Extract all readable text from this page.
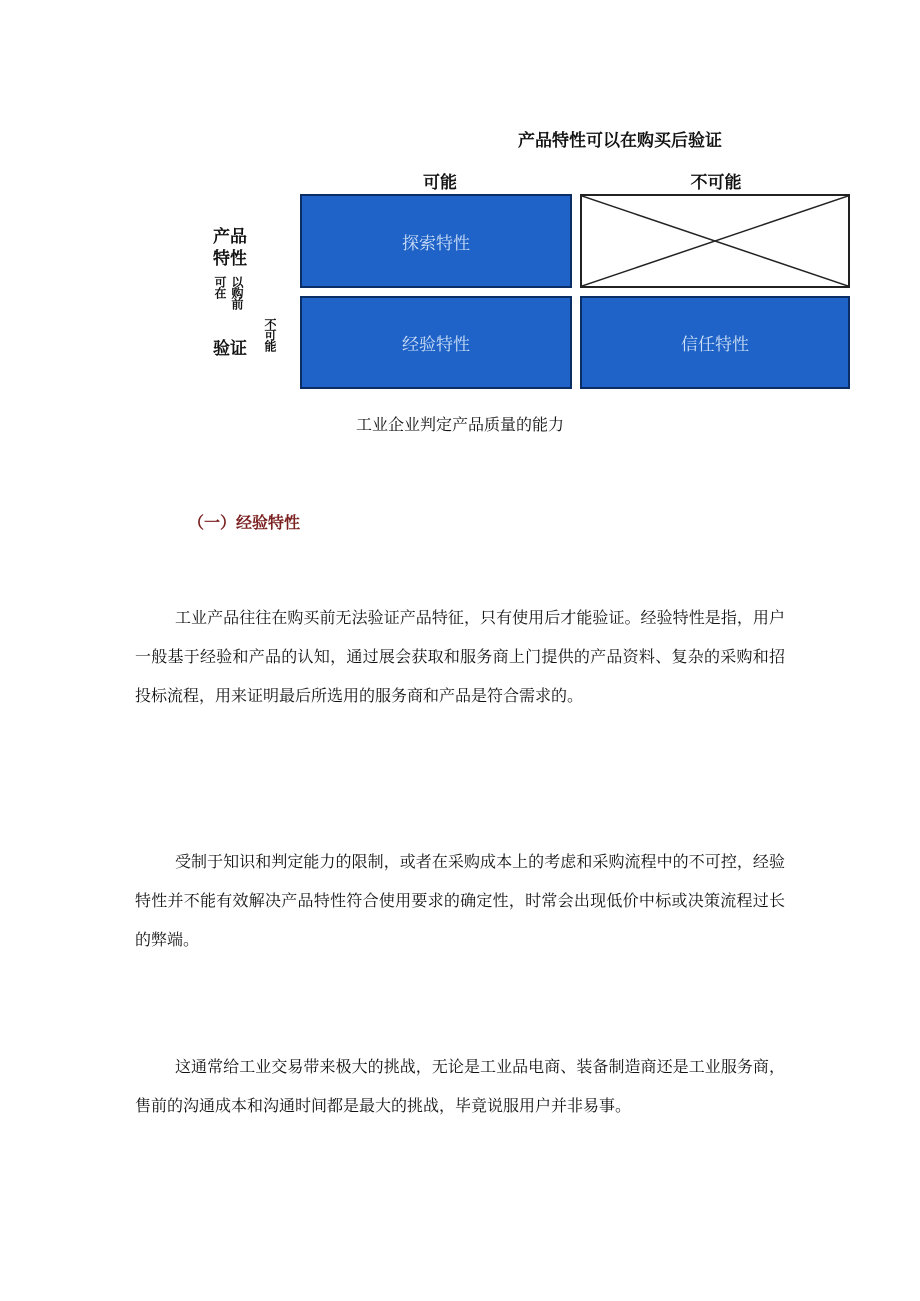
产品特性可以在购买后验证
可能	不可能
产品
特性
可在 以购前
验证 不可能
探索特性
经验特性	信任特性
工业企业判定产品质量的能力
（一）经验特性

工业产品往往在购买前无法验证产品特征，只有使用后才能验证。经验特性是指，用户一般基于经验和产品的认知，通过展会获取和服务商上门提供的产品资料、复杂的采购和招投标流程，用来证明最后所选用的服务商和产品是符合需求的。

受制于知识和判定能力的限制，或者在采购成本上的考虑和采购流程中的不可控，经验特性并不能有效解决产品特性符合使用要求的确定性，时常会出现低价中标或决策流程过长的弊端。

这通常给工业交易带来极大的挑战，无论是工业品电商、装备制造商还是工业服务商，售前的沟通成本和沟通时间都是最大的挑战，毕竟说服用户并非易事。
